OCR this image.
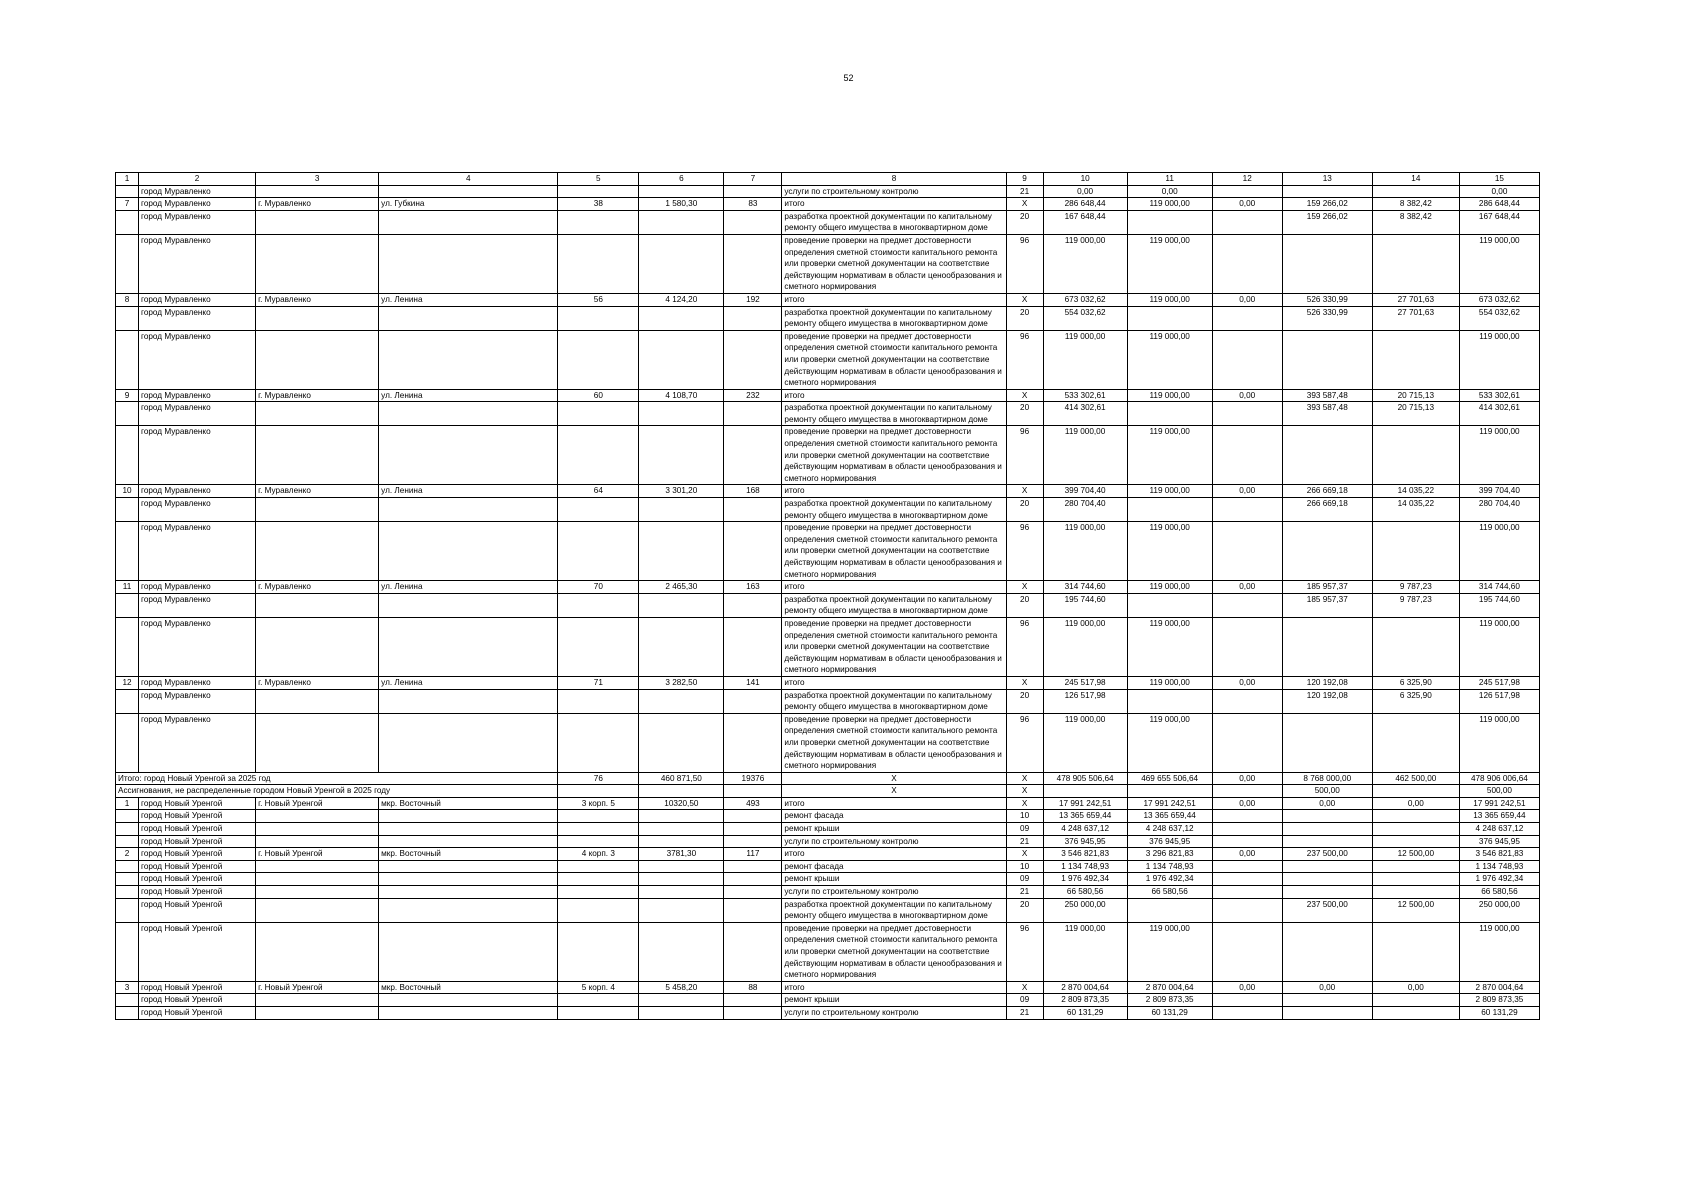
52
1	2	3	4	5	6	7	8	9	10	11	12	13	14	15
	город Муравленко						услуги по строительному контролю	21	0,00	0,00				0,00
7	город Муравленко	г. Муравленко	ул. Губкина	38	1 580,30	83	итого	X	286 648,44	119 000,00	0,00	159 266,02	8 382,42	286 648,44
	город Муравленко						разработка проектной документации по капитальному ремонту общего имущества в многоквартирном доме	20	167 648,44			159 266,02	8 382,42	167 648,44
	город Муравленко						проведение проверки на предмет достоверности определения сметной стоимости капитального ремонта или проверки сметной документации на соответствие действующим нормативам в области ценообразования и сметного нормирования	96	119 000,00	119 000,00				119 000,00
8	город Муравленко	г. Муравленко	ул. Ленина	56	4 124,20	192	итого	X	673 032,62	119 000,00	0,00	526 330,99	27 701,63	673 032,62
	город Муравленко						разработка проектной документации по капитальному ремонту общего имущества в многоквартирном доме	20	554 032,62			526 330,99	27 701,63	554 032,62
	город Муравленко						проведение проверки на предмет достоверности определения сметной стоимости капитального ремонта или проверки сметной документации на соответствие действующим нормативам в области ценообразования и сметного нормирования	96	119 000,00	119 000,00				119 000,00
9	город Муравленко	г. Муравленко	ул. Ленина	60	4 108,70	232	итого	X	533 302,61	119 000,00	0,00	393 587,48	20 715,13	533 302,61
	город Муравленко						разработка проектной документации по капитальному ремонту общего имущества в многоквартирном доме	20	414 302,61			393 587,48	20 715,13	414 302,61
	город Муравленко						проведение проверки на предмет достоверности определения сметной стоимости капитального ремонта или проверки сметной документации на соответствие действующим нормативам в области ценообразования и сметного нормирования	96	119 000,00	119 000,00				119 000,00
10	город Муравленко	г. Муравленко	ул. Ленина	64	3 301,20	168	итого	X	399 704,40	119 000,00	0,00	266 669,18	14 035,22	399 704,40
	город Муравленко						разработка проектной документации по капитальному ремонту общего имущества в многоквартирном доме	20	280 704,40			266 669,18	14 035,22	280 704,40
	город Муравленко						проведение проверки на предмет достоверности определения сметной стоимости капитального ремонта или проверки сметной документации на соответствие действующим нормативам в области ценообразования и сметного нормирования	96	119 000,00	119 000,00				119 000,00
11	город Муравленко	г. Муравленко	ул. Ленина	70	2 465,30	163	итого	X	314 744,60	119 000,00	0,00	185 957,37	9 787,23	314 744,60
	город Муравленко						разработка проектной документации по капитальному ремонту общего имущества в многоквартирном доме	20	195 744,60			185 957,37	9 787,23	195 744,60
	город Муравленко						проведение проверки на предмет достоверности определения сметной стоимости капитального ремонта или проверки сметной документации на соответствие действующим нормативам в области ценообразования и сметного нормирования	96	119 000,00	119 000,00				119 000,00
12	город Муравленко	г. Муравленко	ул. Ленина	71	3 282,50	141	итого	X	245 517,98	119 000,00	0,00	120 192,08	6 325,90	245 517,98
	город Муравленко						разработка проектной документации по капитальному ремонту общего имущества в многоквартирном доме	20	126 517,98			120 192,08	6 325,90	126 517,98
	город Муравленко						проведение проверки на предмет достоверности определения сметной стоимости капитального ремонта или проверки сметной документации на соответствие действующим нормативам в области ценообразования и сметного нормирования	96	119 000,00	119 000,00				119 000,00
Итого: город Новый Уренгой за 2025 год				76	460 871,50	19376	X	X	478 905 506,64	469 655 506,64	0,00	8 768 000,00	462 500,00	478 906 006,64
Ассигнования, не распределенные городом Новый Уренгой в 2025 году							X	X				500,00		500,00
1	город Новый Уренгой	г. Новый Уренгой	мкр. Восточный	3 корп. 5	10320,50	493	итого	X	17 991 242,51	17 991 242,51	0,00	0,00	0,00	17 991 242,51
	город Новый Уренгой						ремонт фасада	10	13 365 659,44	13 365 659,44				13 365 659,44
	город Новый Уренгой						ремонт крыши	09	4 248 637,12	4 248 637,12				4 248 637,12
	город Новый Уренгой						услуги по строительному контролю	21	376 945,95	376 945,95				376 945,95
2	город Новый Уренгой	г. Новый Уренгой	мкр. Восточный	4 корп. 3	3781,30	117	итого	X	3 546 821,83	3 296 821,83	0,00	237 500,00	12 500,00	3 546 821,83
	город Новый Уренгой						ремонт фасада	10	1 134 748,93	1 134 748,93				1 134 748,93
	город Новый Уренгой						ремонт крыши	09	1 976 492,34	1 976 492,34				1 976 492,34
	город Новый Уренгой						услуги по строительному контролю	21	66 580,56	66 580,56				66 580,56
	город Новый Уренгой						разработка проектной документации по капитальному ремонту общего имущества в многоквартирном доме	20	250 000,00			237 500,00	12 500,00	250 000,00
	город Новый Уренгой						проведение проверки на предмет достоверности определения сметной стоимости капитального ремонта или проверки сметной документации на соответствие действующим нормативам в области ценообразования и сметного нормирования	96	119 000,00	119 000,00				119 000,00
3	город Новый Уренгой	г. Новый Уренгой	мкр. Восточный	5 корп. 4	5 458,20	88	итого	X	2 870 004,64	2 870 004,64	0,00	0,00	0,00	2 870 004,64
	город Новый Уренгой						ремонт крыши	09	2 809 873,35	2 809 873,35				2 809 873,35
	город Новый Уренгой						услуги по строительному контролю	21	60 131,29	60 131,29				60 131,29
